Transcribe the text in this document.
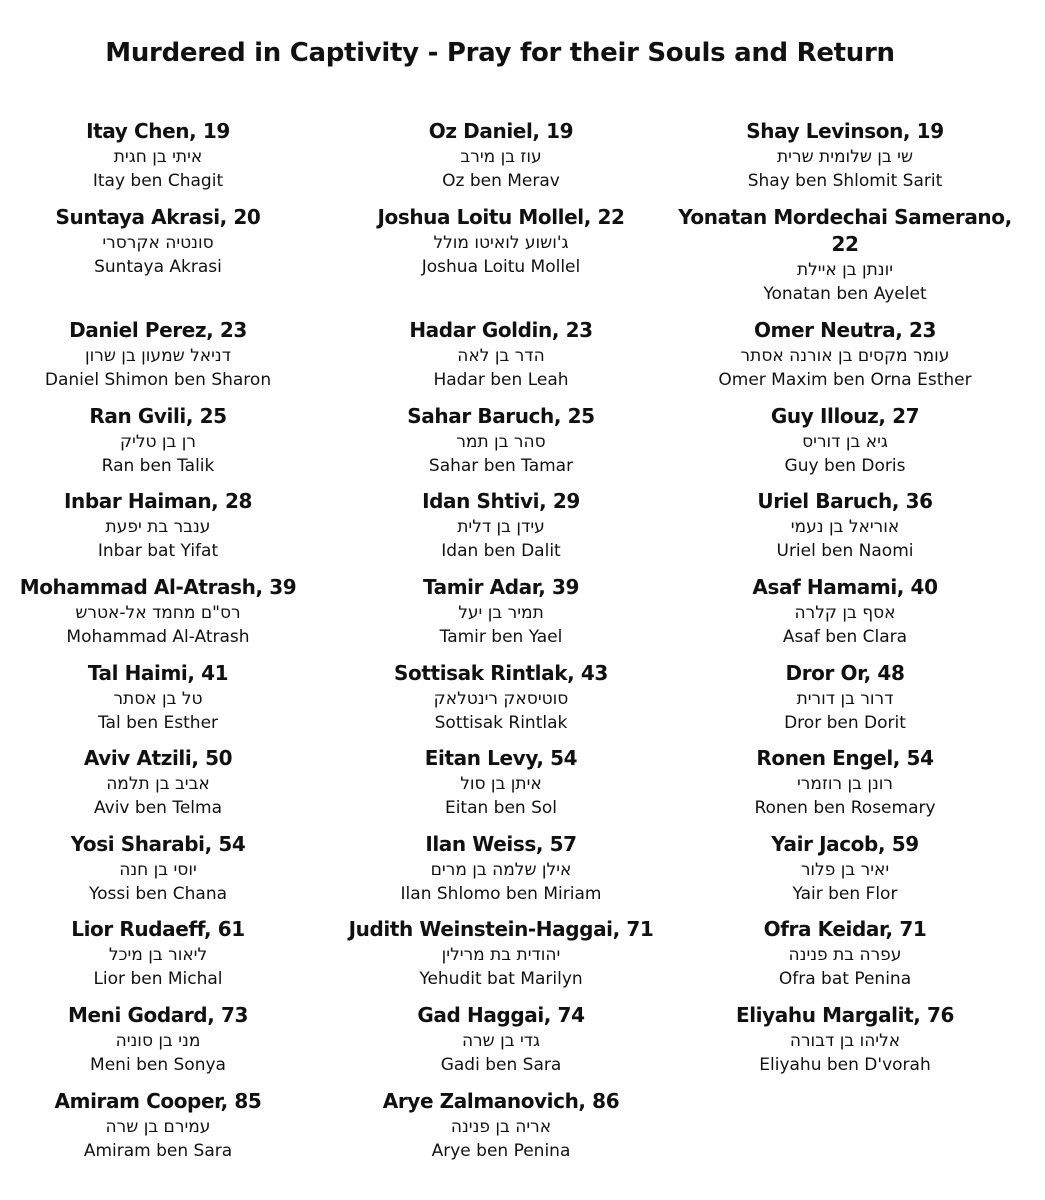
Murdered in Captivity - Pray for their Souls and Return
Itay Chen, 19
איתי בן חגית
Itay ben Chagit
Oz Daniel, 19
עוז בן מירב
Oz ben Merav
Shay Levinson, 19
שי בן שלומית שרית
Shay ben Shlomit Sarit
Suntaya Akrasi, 20
סונטיה אקרסרי
Suntaya Akrasi
Joshua Loitu Mollel, 22
ג'ושוע לואיטו מולל
Joshua Loitu Mollel
Yonatan Mordechai Samerano, 22
יונתן בן איילת
Yonatan ben Ayelet
Daniel Perez, 23
דניאל שמעון בן שרון
Daniel Shimon ben Sharon
Hadar Goldin, 23
הדר בן לאה
Hadar ben Leah
Omer Neutra, 23
עומר מקסים בן אורנה אסתר
Omer Maxim ben Orna Esther
Ran Gvili, 25
רן בן טליק
Ran ben Talik
Sahar Baruch, 25
סהר בן תמר
Sahar ben Tamar
Guy Illouz, 27
גיא בן דוריס
Guy ben Doris
Inbar Haiman, 28
ענבר בת יפעת
Inbar bat Yifat
Idan Shtivi, 29
עידן בן דלית
Idan ben Dalit
Uriel Baruch, 36
אוריאל בן נעמי
Uriel ben Naomi
Mohammad Al-Atrash, 39
רס"ם מחמד אל-אטרש
Mohammad Al-Atrash
Tamir Adar, 39
תמיר בן יעל
Tamir ben Yael
Asaf Hamami, 40
אסף בן קלרה
Asaf ben Clara
Tal Haimi, 41
טל בן אסתר
Tal ben Esther
Sottisak Rintlak, 43
סוטיסאק רינטלאק
Sottisak Rintlak
Dror Or, 48
דרור בן דורית
Dror ben Dorit
Aviv Atzili, 50
אביב בן תלמה
Aviv ben Telma
Eitan Levy, 54
איתן בן סול
Eitan ben Sol
Ronen Engel, 54
רונן בן רוזמרי
Ronen ben Rosemary
Yosi Sharabi, 54
יוסי בן חנה
Yossi ben Chana
Ilan Weiss, 57
אילן שלמה בן מרים
Ilan Shlomo ben Miriam
Yair Jacob, 59
יאיר בן פלור
Yair ben Flor
Lior Rudaeff, 61
ליאור בן מיכל
Lior ben Michal
Judith Weinstein-Haggai, 71
יהודית בת מרילין
Yehudit bat Marilyn
Ofra Keidar, 71
עפרה בת פנינה
Ofra bat Penina
Meni Godard, 73
מני בן סוניה
Meni ben Sonya
Gad Haggai, 74
גדי בן שרה
Gadi ben Sara
Eliyahu Margalit, 76
אליהו בן דבורה
Eliyahu ben D'vorah
Amiram Cooper, 85
עמירם בן שרה
Amiram ben Sara
Arye Zalmanovich, 86
אריה בן פנינה
Arye ben Penina
